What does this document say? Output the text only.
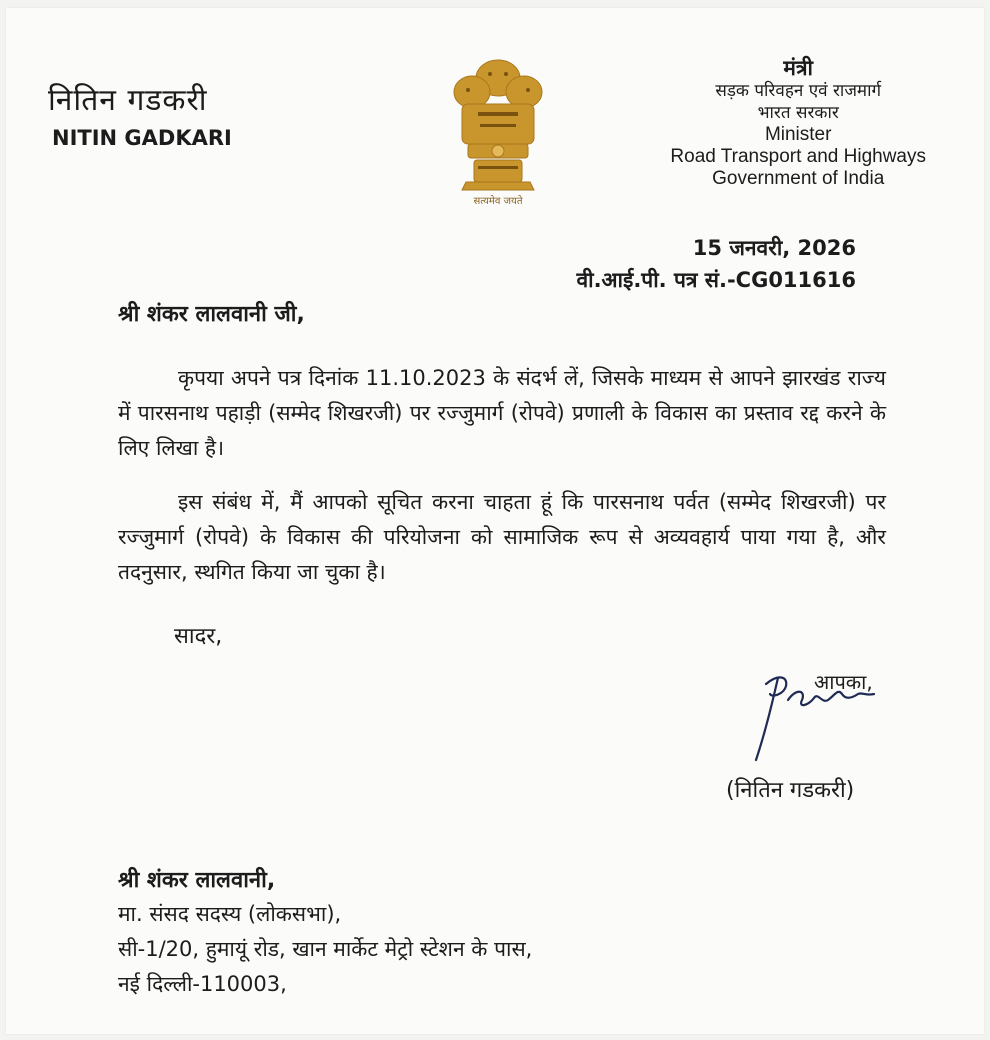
नितिन गडकरी
NITIN GADKARI
सत्यमेव जयते
मंत्री
सड़क परिवहन एवं राजमार्ग
भारत सरकार
Minister
Road Transport and Highways
Government of India
15 जनवरी, 2026
वी.आई.पी. पत्र सं.-CG011616
श्री शंकर लालवानी जी,
कृपया अपने पत्र दिनांक 11.10.2023 के संदर्भ लें, जिसके माध्यम से आपने झारखंड राज्य में पारसनाथ पहाड़ी (सम्मेद शिखरजी) पर रज्जुमार्ग (रोपवे) प्रणाली के विकास का प्रस्ताव रद्द करने के लिए लिखा है।
इस संबंध में, मैं आपको सूचित करना चाहता हूं कि पारसनाथ पर्वत (सम्मेद शिखरजी) पर रज्जुमार्ग (रोपवे) के विकास की परियोजना को सामाजिक रूप से अव्यवहार्य पाया गया है, और तदनुसार, स्थगित किया जा चुका है।
सादर,
आपका,
(नितिन गडकरी)
श्री शंकर लालवानी,
मा. संसद सदस्य (लोकसभा),
सी-1/20, हुमायूं रोड, खान मार्केट मेट्रो स्टेशन के पास,
नई दिल्ली-110003,
